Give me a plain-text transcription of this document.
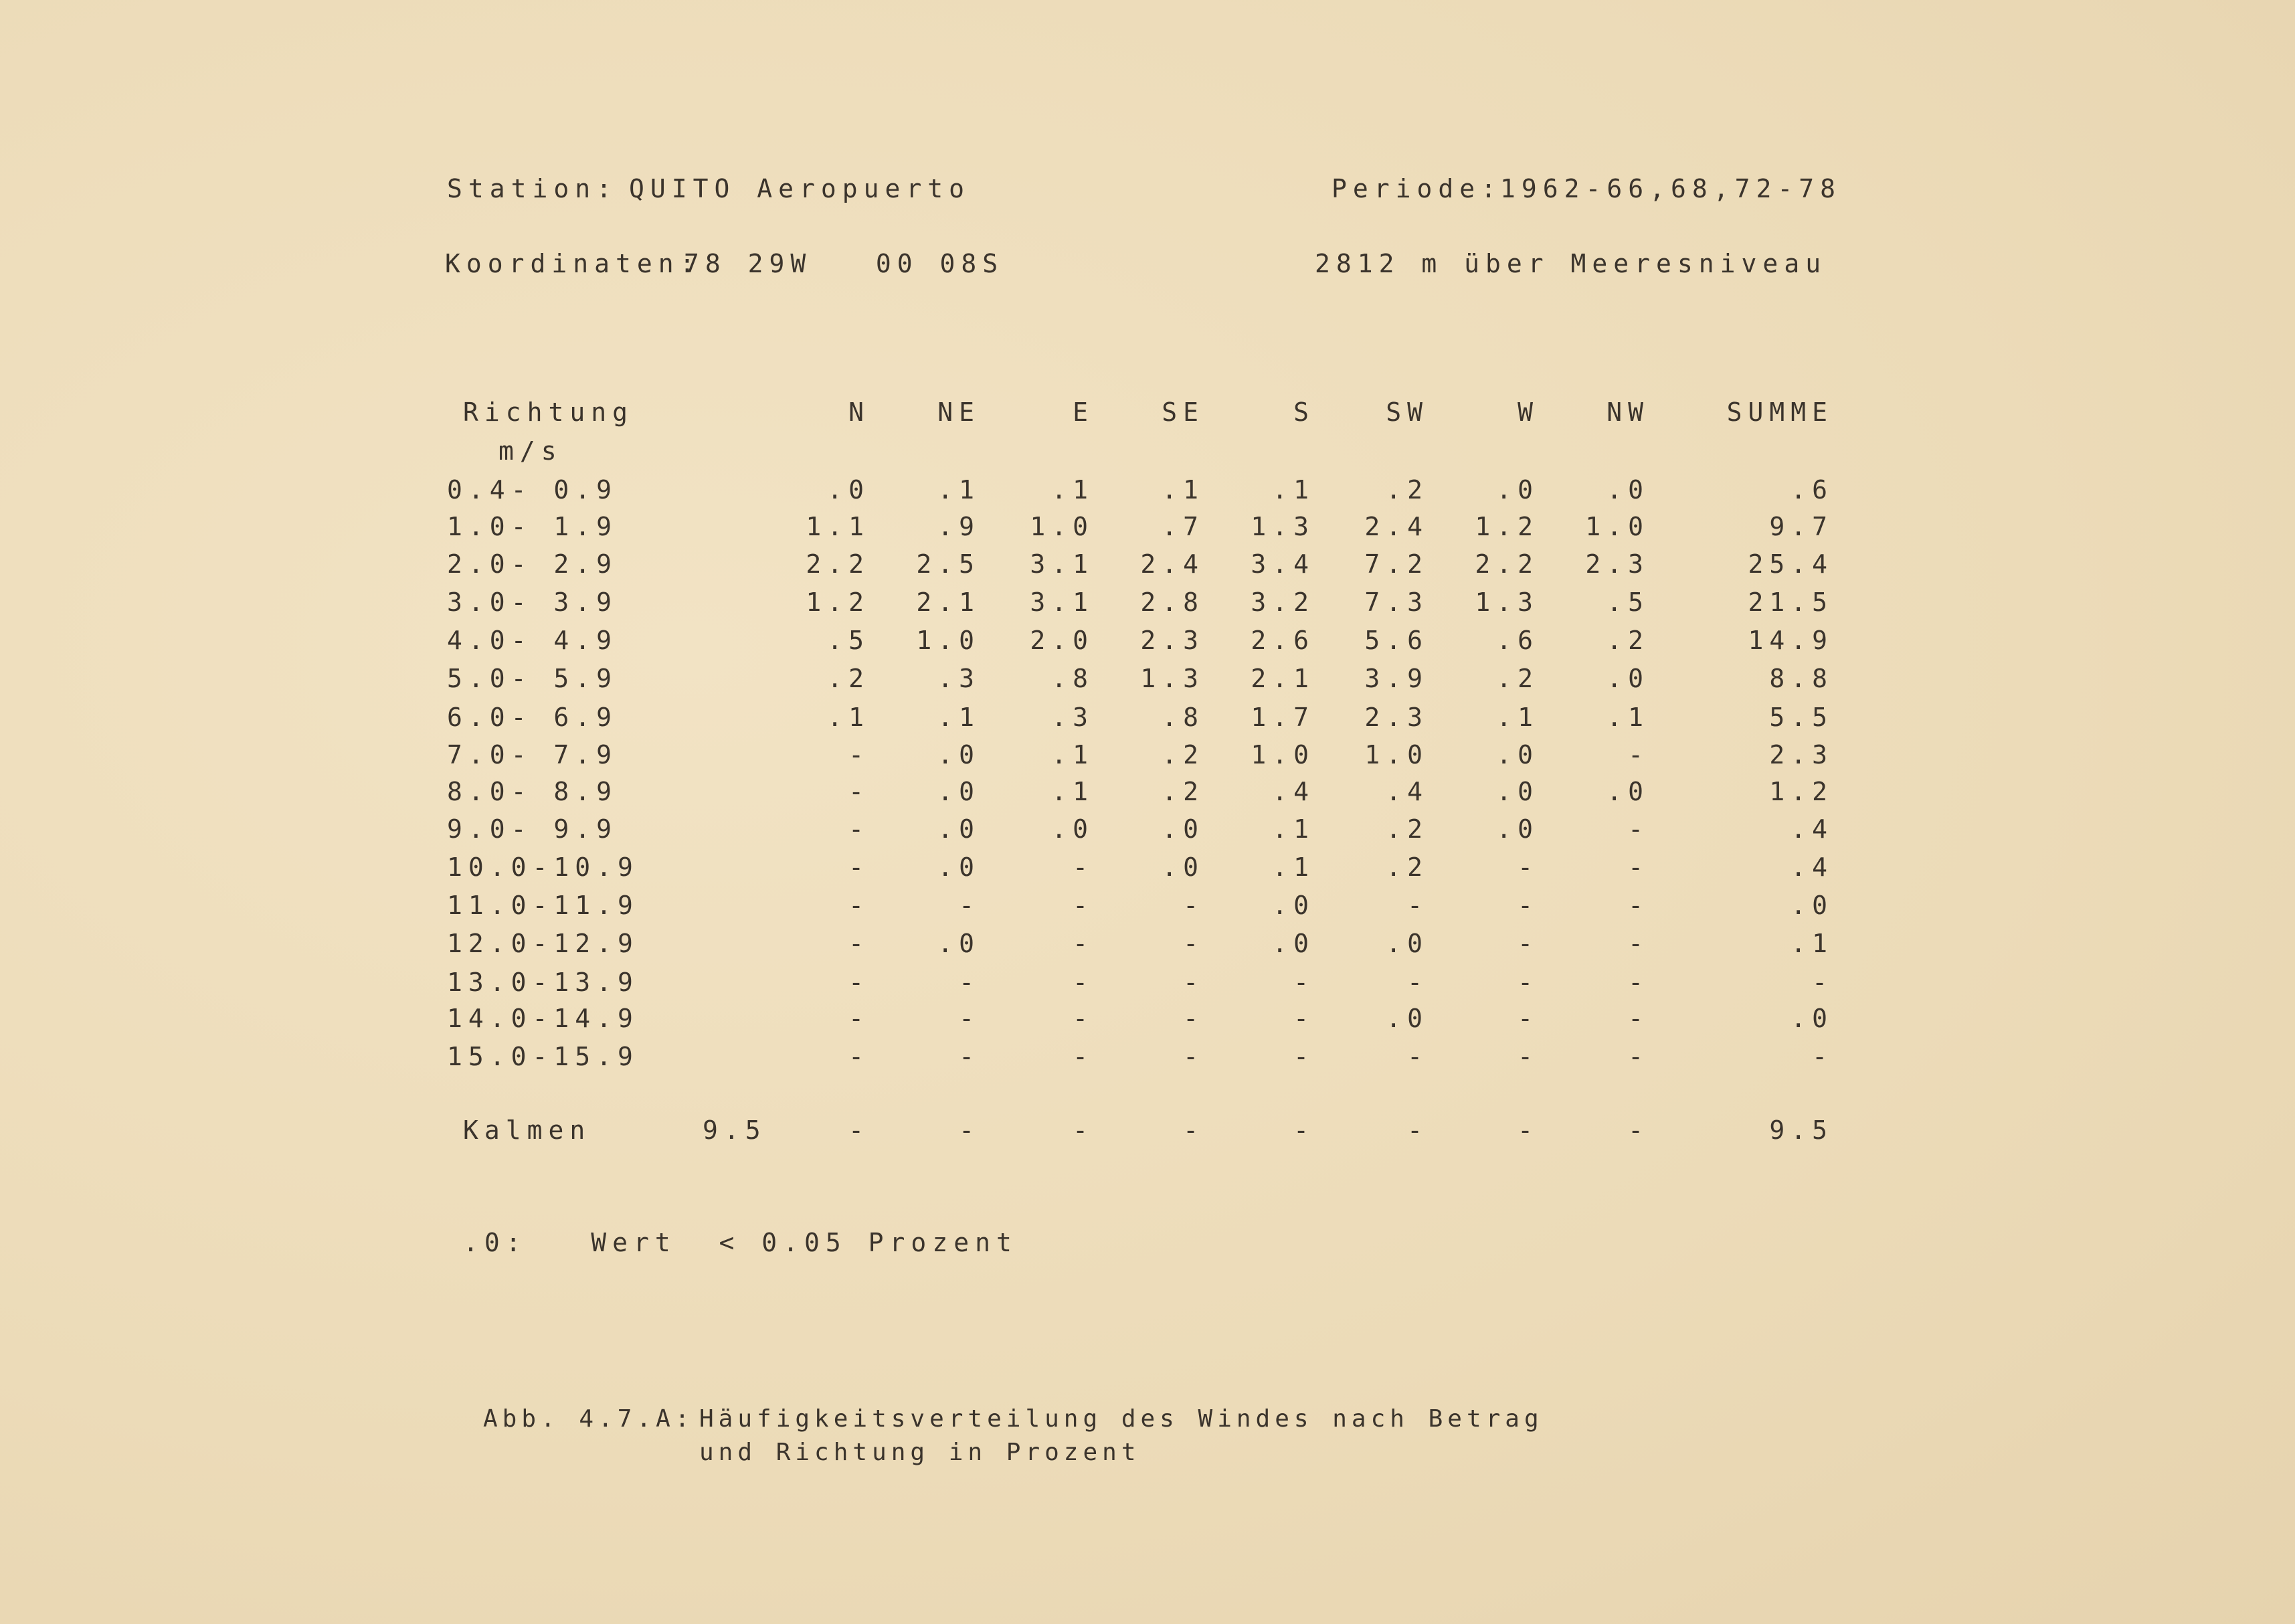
Station: QUITO Aeropuerto	Periode:
1962-66,68,72-78
Koordinaten:
78 29W   00 08S	2812 m über Meeresniveau
Richtung
m/s
N	NE	E	SE	S	SW	W	NW	SUMME
0.4- 0.9	.0	.1	.1	.1	.1	.2	.0	.0	.6
1.0- 1.9	1.1	.9	1.0	.7	1.3	2.4	1.2	1.0	9.7
2.0- 2.9	2.2	2.5	3.1	2.4	3.4	7.2	2.2	2.3	25.4
3.0- 3.9	1.2	2.1	3.1	2.8	3.2	7.3	1.3	.5	21.5
4.0- 4.9	.5	1.0	2.0	2.3	2.6	5.6	.6	.2	14.9
5.0- 5.9	.2	.3	.8	1.3	2.1	3.9	.2	.0	8.8
6.0- 6.9	.1	.1	.3	.8	1.7	2.3	.1	.1	5.5
7.0- 7.9	-	.0	.1	.2	1.0	1.0	.0	-	2.3
8.0- 8.9	-	.0	.1	.2	.4	.4	.0	.0	1.2
9.0- 9.9	-	.0	.0	.0	.1	.2	.0	-	.4
10.0-10.9	-	.0	-	.0	.1	.2	-	-	.4
11.0-11.9	-	-	-	-	.0	-	-	-	.0
12.0-12.9	-	.0	-	-	.0	.0	-	-	.1
13.0-13.9	-	-	-	-	-	-	-	-	-
14.0-14.9	-	-	-	-	-	.0	-	-	.0
15.0-15.9	-	-	-	-	-	-	-	-	-
Kalmen	9.5	-	-	-	-	-	-	-	-	9.5
.0:   Wert  < 0.05 Prozent
Abb. 4.7.A: Häufigkeitsverteilung des Windes nach Betrag
und Richtung in Prozent
